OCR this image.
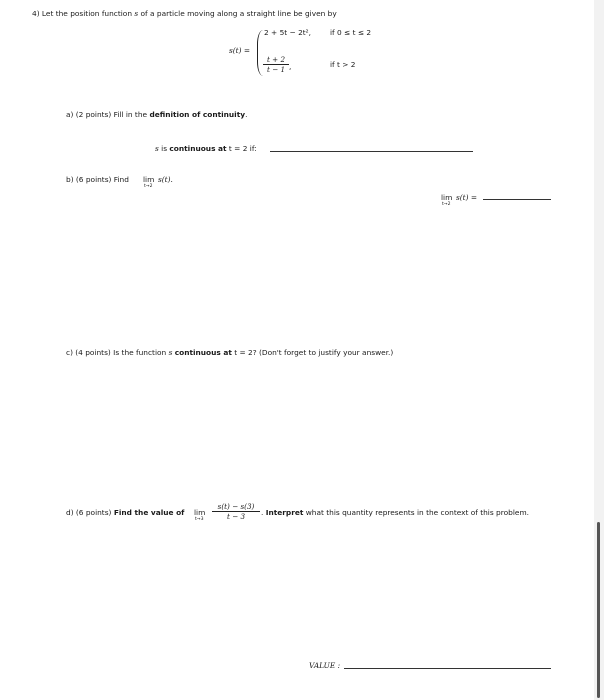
4) Let the position function s of a particle moving along a straight line be given by
s(t) =
2 + 5t − 2t²,	if 0 ≤ t ≤ 2
t + 2
t − 1 ,	if t > 2
a) (2 points) Fill in the definition of continuity.
s is continuous at t = 2 if:
b) (6 points) Find lim
t→2
s(t).
lim
t→2
s(t) =
c) (4 points) Is the function s continuous at t = 2? (Don't forget to justify your answer.)
d) (6 points) Find the value of lim
t→3
s(t) − s(3)
t − 3	. Interpret what this quantity represents in the context of this problem.
VALUE :
